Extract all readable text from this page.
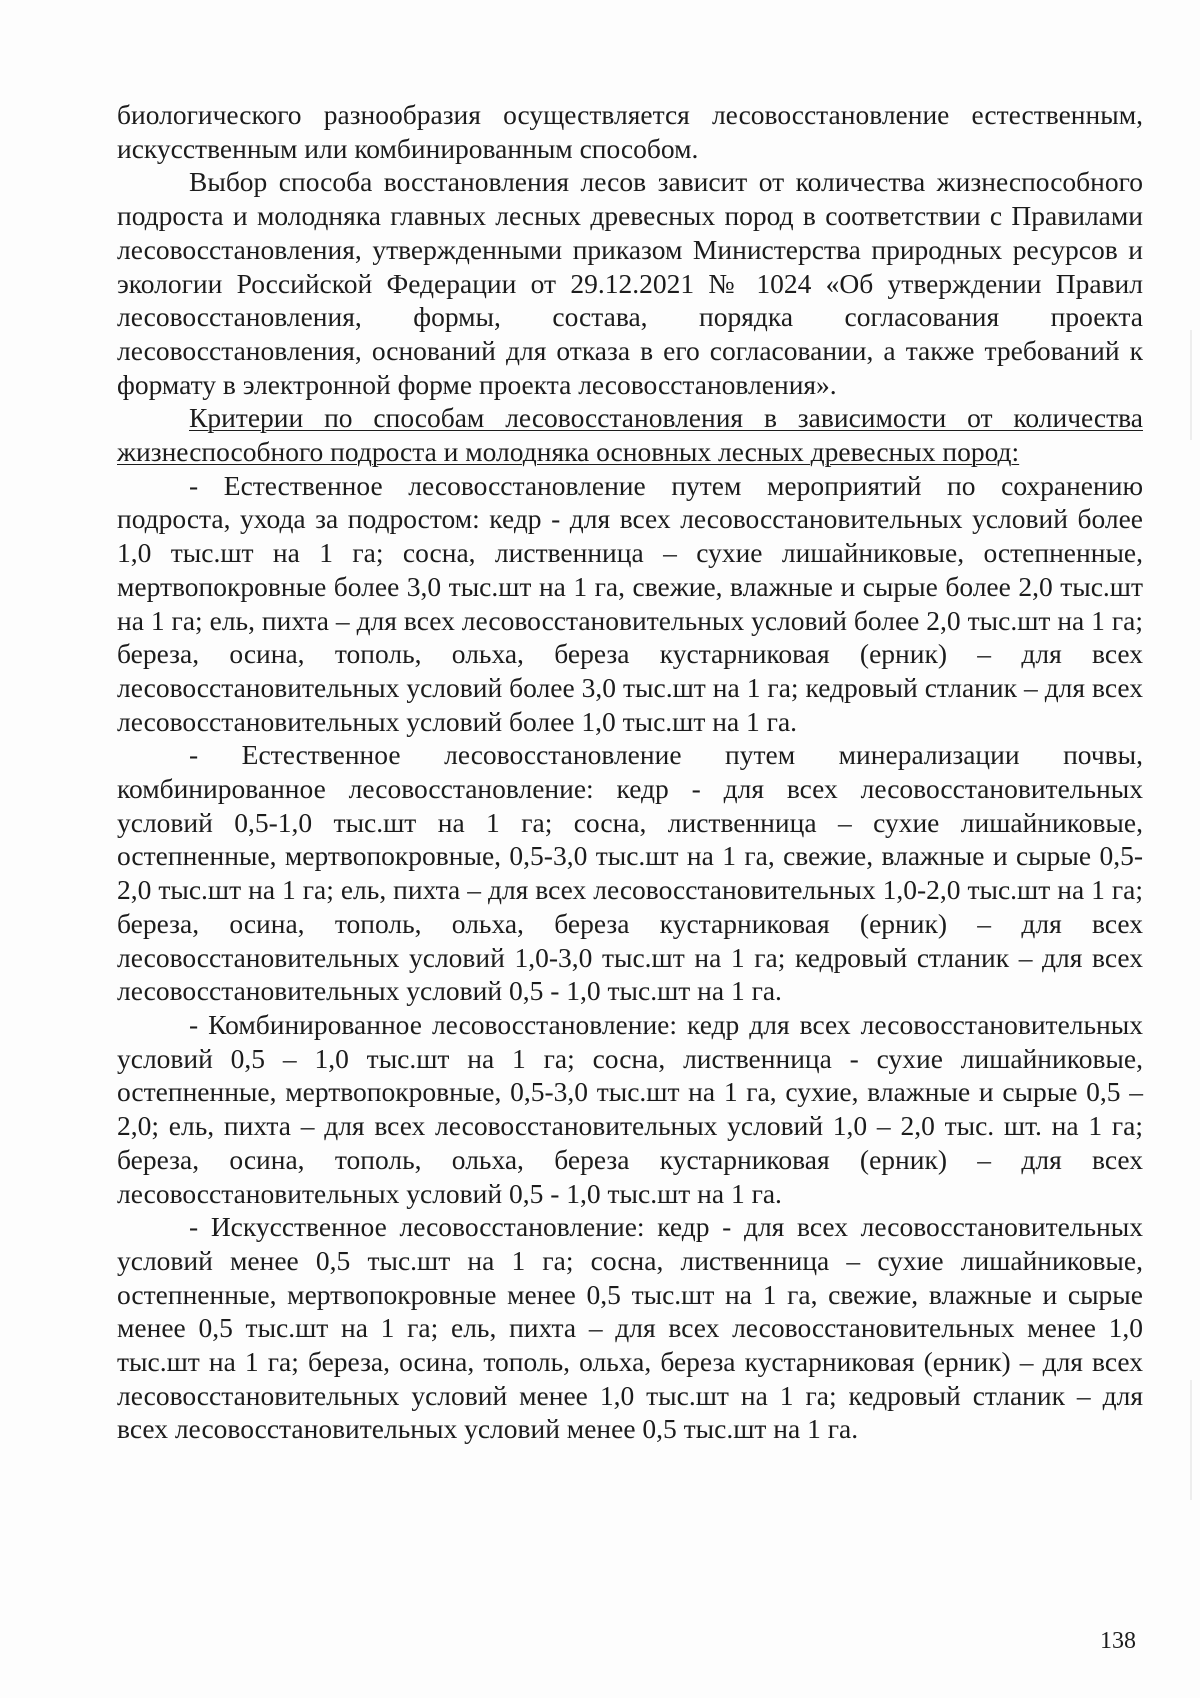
биологического разнообразия осуществляется лесовосстановление естественным, искусственным или комбинированным способом.

Выбор способа восстановления лесов зависит от количества жизнеспособного подроста и молодняка главных лесных древесных пород в соответствии с Правилами лесовосстановления, утвержденными приказом Министерства природных ресурсов и экологии Российской Федерации от 29.12.2021 № 1024 «Об утверждении Правил лесовосстановления, формы, состава, порядка согласования проекта лесовосстановления, оснований для отказа в его согласовании, а также требований к формату в электронной форме проекта лесовосстановления».

Критерии по способам лесовосстановления в зависимости от количества жизнеспособного подроста и молодняка основных лесных древесных пород:

- Естественное лесовосстановление путем мероприятий по сохранению подроста, ухода за подростом: кедр - для всех лесовосстановительных условий более 1,0 тыс.шт на 1 га; сосна, лиственница – сухие лишайниковые, остепненные, мертвопокровные более 3,0 тыс.шт на 1 га, свежие, влажные и сырые более 2,0 тыс.шт на 1 га; ель, пихта – для всех лесовосстановительных условий более 2,0 тыс.шт на 1 га; береза, осина, тополь, ольха, береза кустарниковая (ерник) – для всех лесовосстановительных условий более 3,0 тыс.шт на 1 га; кедровый стланик – для всех лесовосстановительных условий более 1,0 тыс.шт на 1 га.

- Естественное лесовосстановление путем минерализации почвы, комбинированное лесовосстановление: кедр - для всех лесовосстановительных условий 0,5-1,0 тыс.шт на 1 га; сосна, лиственница – сухие лишайниковые, остепненные, мертвопокровные, 0,5-3,0 тыс.шт на 1 га, свежие, влажные и сырые 0,5-2,0 тыс.шт на 1 га; ель, пихта – для всех лесовосстановительных 1,0-2,0 тыс.шт на 1 га; береза, осина, тополь, ольха, береза кустарниковая (ерник) – для всех лесовосстановительных условий 1,0-3,0 тыс.шт на 1 га; кедровый стланик – для всех лесовосстановительных условий 0,5 - 1,0 тыс.шт на 1 га.

- Комбинированное лесовосстановление: кедр для всех лесовосстановительных условий 0,5 – 1,0 тыс.шт на 1 га; сосна, лиственница - сухие лишайниковые, остепненные, мертвопокровные, 0,5-3,0 тыс.шт на 1 га, сухие, влажные и сырые 0,5 – 2,0; ель, пихта – для всех лесовосстановительных условий 1,0 – 2,0 тыс. шт. на 1 га; береза, осина, тополь, ольха, береза кустарниковая (ерник) – для всех лесовосстановительных условий 0,5 - 1,0 тыс.шт на 1 га.

- Искусственное лесовосстановление: кедр - для всех лесовосстановительных условий менее 0,5 тыс.шт на 1 га; сосна, лиственница – сухие лишайниковые, остепненные, мертвопокровные менее 0,5 тыс.шт на 1 га, свежие, влажные и сырые менее 0,5 тыс.шт на 1 га; ель, пихта – для всех лесовосстановительных менее 1,0 тыс.шт на 1 га; береза, осина, тополь, ольха, береза кустарниковая (ерник) – для всех лесовосстановительных условий менее 1,0 тыс.шт на 1 га; кедровый стланик – для всех лесовосстановительных условий менее 0,5 тыс.шт на 1 га.

138
